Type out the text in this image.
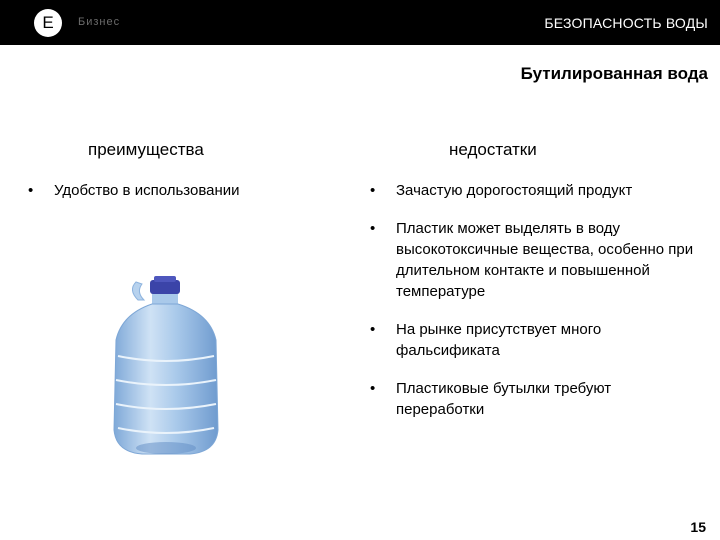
Е	Бизнес	БЕЗОПАСНОСТЬ ВОДЫ
Бутилированная вода
преимущества	недостатки
• Удобство в использовании
•	Зачастую дорогостоящий продукт
• Пластик может выделять в воду высокотоксичные вещества, особенно при длительном контакте и повышенной температуре
• На рынке присутствует много фальсификата
• Пластиковые бутылки требуют переработки
15
